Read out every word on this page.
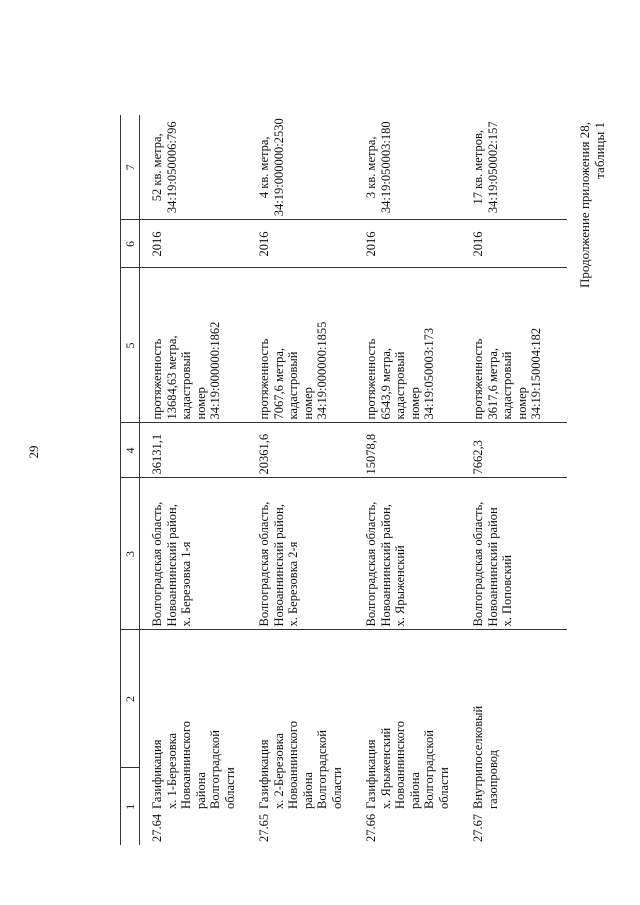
29
Продолжение приложения 28, таблицы 1
1	2	3	4	5	6	7
27.64Газификация
х. 1-Березовка
Новоаннинского района
Волгоградской области		Волгоградская область,
Новоаннинский район,
х. Березовка 1-я	36131,1	протяженность
13684,63 метра,
кадастровый
номер
34:19:000000:1862	2016	52 кв. метра,
34:19:050006:796
27.65Газификация
х. 2-Березовка
Новоаннинского района
Волгоградской области		Волгоградская область,
Новоаннинский район,
х. Березовка 2-я	20361,6	протяженность
7067,6 метра,
кадастровый
номер
34:19:000000:1855	2016	4 кв. метра,
34:19:000000:2530
27.66Газификация
х. Ярыженский
Новоаннинского района
Волгоградской области		Волгоградская область,
Новоаннинский район,
х. Ярыженский	15078,8	протяженность
6543,9 метра,
кадастровый
номер
34:19:050003:173	2016	3 кв. метра,
34:19:050003:180
27.67Внутрипоселковый
газопровод		Волгоградская область,
Новоаннинский район
х. Поповский	7662,3	протяженность
3617,6 метра,
кадастровый
номер
34:19:150004:182	2016	17 кв. метров,
34:19:050002:157
